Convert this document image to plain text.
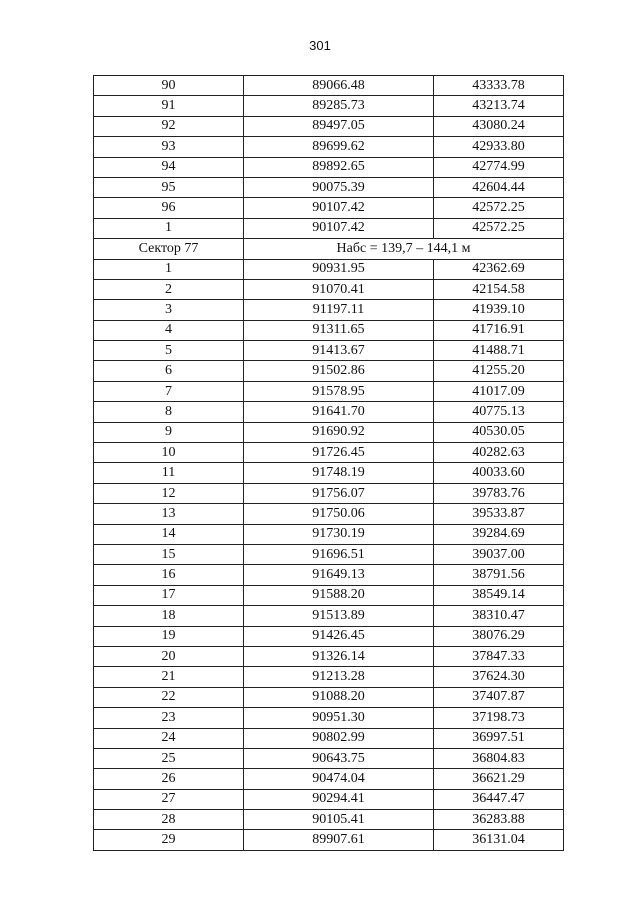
301
90	89066.48	43333.78
91	89285.73	43213.74
92	89497.05	43080.24
93	89699.62	42933.80
94	89892.65	42774.99
95	90075.39	42604.44
96	90107.42	42572.25
1	90107.42	42572.25
Сектор 77	Набс = 139,7 – 144,1 м	
1	90931.95	42362.69
2	91070.41	42154.58
3	91197.11	41939.10
4	91311.65	41716.91
5	91413.67	41488.71
6	91502.86	41255.20
7	91578.95	41017.09
8	91641.70	40775.13
9	91690.92	40530.05
10	91726.45	40282.63
11	91748.19	40033.60
12	91756.07	39783.76
13	91750.06	39533.87
14	91730.19	39284.69
15	91696.51	39037.00
16	91649.13	38791.56
17	91588.20	38549.14
18	91513.89	38310.47
19	91426.45	38076.29
20	91326.14	37847.33
21	91213.28	37624.30
22	91088.20	37407.87
23	90951.30	37198.73
24	90802.99	36997.51
25	90643.75	36804.83
26	90474.04	36621.29
27	90294.41	36447.47
28	90105.41	36283.88
29	89907.61	36131.04
